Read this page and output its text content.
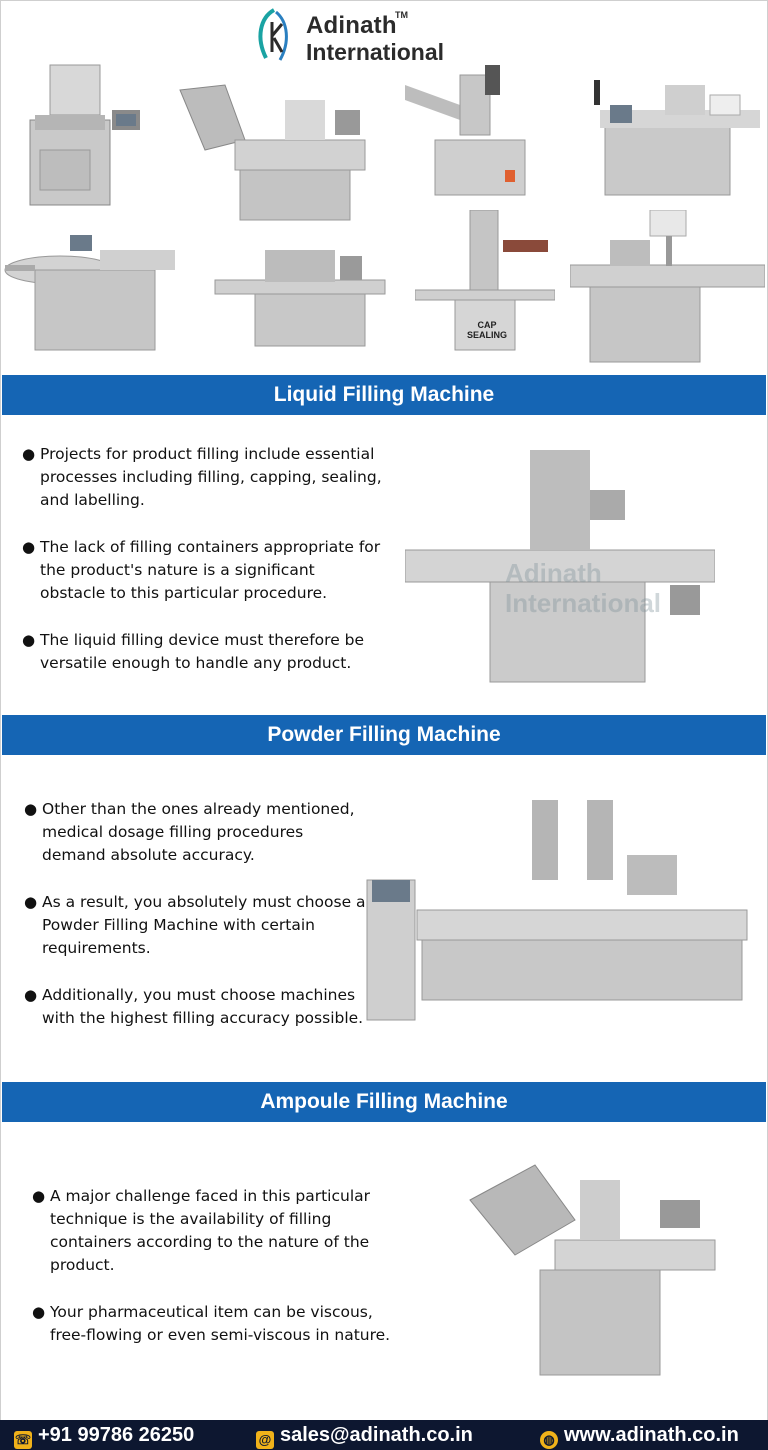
Adinath
TM
International
CAP SEALING
Liquid Filling Machine
● Projects for product filling include essential processes including filling, capping, sealing, and labelling.
● The lack of filling containers appropriate for the product's nature is a significant obstacle to this particular procedure.
● The liquid filling device must therefore be versatile enough to handle any product.
Adinath
International
Powder Filling Machine
● Other than the ones already mentioned, medical dosage filling procedures demand absolute accuracy.
● As a result, you absolutely must choose a Powder Filling Machine with certain requirements.
● Additionally, you must choose machines with the highest filling accuracy possible.
Ampoule Filling Machine
● A major challenge faced in this particular technique is the availability of filling containers according to the nature of the product.
● Your pharmaceutical item can be viscous, free-flowing or even semi-viscous in nature.
☏ +91 99786 26250	@ sales@adinath.co.in	◍ www.adinath.co.in
